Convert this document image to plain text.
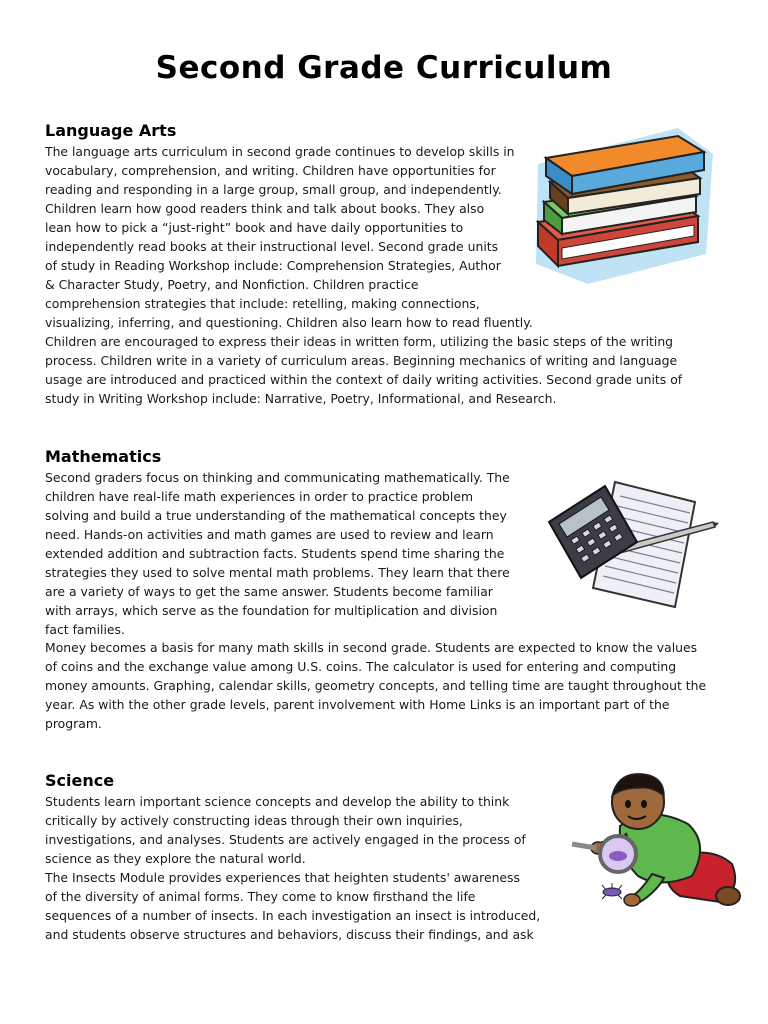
Second Grade Curriculum
Language Arts
The language arts curriculum in second grade continues to develop skills in
vocabulary, comprehension, and writing. Children have opportunities for
reading and responding in a large group, small group, and independently.
Children learn how good readers think and talk about books. They also
lean how to pick a “just-right” book and have daily opportunities to
independently read books at their instructional level. Second grade units
of study in Reading Workshop include: Comprehension Strategies, Author
& Character Study, Poetry, and Nonfiction. Children practice
comprehension strategies that include: retelling, making connections,
visualizing, inferring, and questioning. Children also learn how to read fluently.
Children are encouraged to express their ideas in written form, utilizing the basic steps of the writing
process. Children write in a variety of curriculum areas. Beginning mechanics of writing and language
usage are introduced and practiced within the context of daily writing activities. Second grade units of
study in Writing Workshop include: Narrative, Poetry, Informational, and Research.
Mathematics
Second graders focus on thinking and communicating mathematically. The
children have real-life math experiences in order to practice problem
solving and build a true understanding of the mathematical concepts they
need. Hands-on activities and math games are used to review and learn
extended addition and subtraction facts. Students spend time sharing the
strategies they used to solve mental math problems. They learn that there
are a variety of ways to get the same answer. Students become familiar
with arrays, which serve as the foundation for multiplication and division
fact families.
Money becomes a basis for many math skills in second grade. Students are expected to know the values
of coins and the exchange value among U.S. coins. The calculator is used for entering and computing
money amounts. Graphing, calendar skills, geometry concepts, and telling time are taught throughout the
year. As with the other grade levels, parent involvement with Home Links is an important part of the
program.
Science
Students learn important science concepts and develop the ability to think
critically by actively constructing ideas through their own inquiries,
investigations, and analyses. Students are actively engaged in the process of
science as they explore the natural world.
The Insects Module provides experiences that heighten students' awareness
of the diversity of animal forms. They come to know firsthand the life
sequences of a number of insects. In each investigation an insect is introduced,
and students observe structures and behaviors, discuss their findings, and ask
